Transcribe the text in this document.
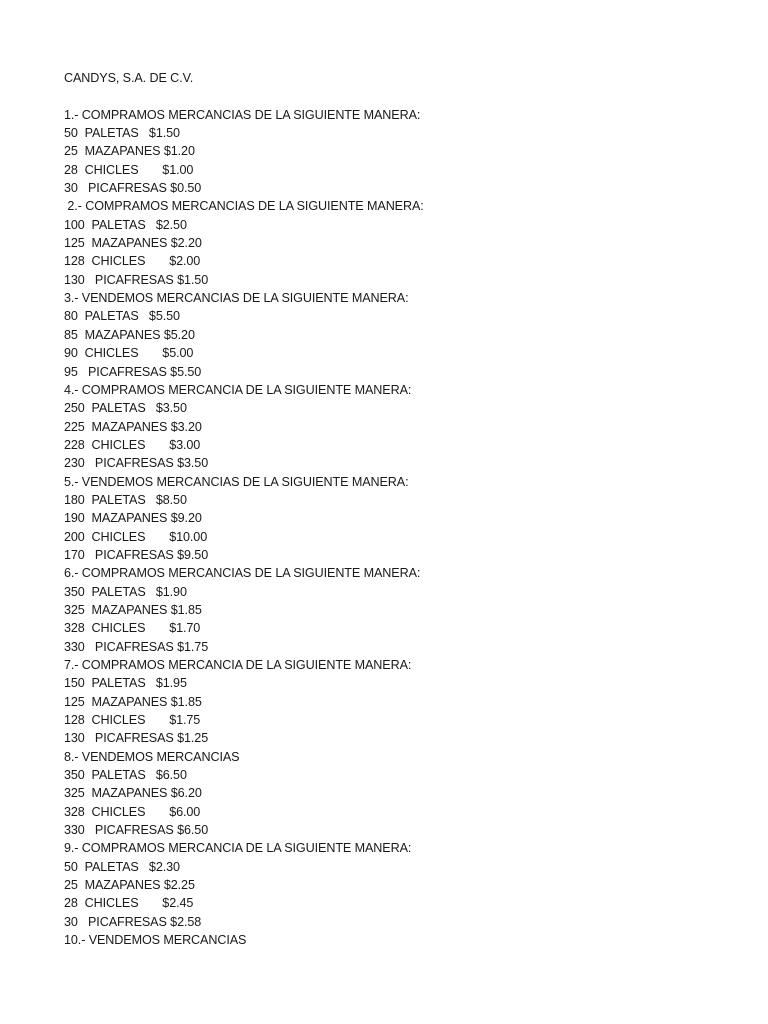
CANDYS, S.A. DE C.V.
1.- COMPRAMOS MERCANCIAS DE LA SIGUIENTE MANERA:
50  PALETAS   $1.50
25  MAZAPANES $1.20
28  CHICLES       $1.00
30   PICAFRESAS $0.50
2.- COMPRAMOS MERCANCIAS DE LA SIGUIENTE MANERA:
100  PALETAS   $2.50
125  MAZAPANES $2.20
128  CHICLES       $2.00
130   PICAFRESAS $1.50
3.- VENDEMOS MERCANCIAS DE LA SIGUIENTE MANERA:
80  PALETAS   $5.50
85  MAZAPANES $5.20
90  CHICLES       $5.00
95   PICAFRESAS $5.50
4.- COMPRAMOS MERCANCIA DE LA SIGUIENTE MANERA:
250  PALETAS   $3.50
225  MAZAPANES $3.20
228  CHICLES       $3.00
230   PICAFRESAS $3.50
5.- VENDEMOS MERCANCIAS DE LA SIGUIENTE MANERA:
180  PALETAS   $8.50
190  MAZAPANES $9.20
200  CHICLES       $10.00
170   PICAFRESAS $9.50
6.- COMPRAMOS MERCANCIAS DE LA SIGUIENTE MANERA:
350  PALETAS   $1.90
325  MAZAPANES $1.85
328  CHICLES       $1.70
330   PICAFRESAS $1.75
7.- COMPRAMOS MERCANCIA DE LA SIGUIENTE MANERA:
150  PALETAS   $1.95
125  MAZAPANES $1.85
128  CHICLES       $1.75
130   PICAFRESAS $1.25
8.- VENDEMOS MERCANCIAS
350  PALETAS   $6.50
325  MAZAPANES $6.20
328  CHICLES       $6.00
330   PICAFRESAS $6.50
9.- COMPRAMOS MERCANCIA DE LA SIGUIENTE MANERA:
50  PALETAS   $2.30
25  MAZAPANES $2.25
28  CHICLES       $2.45
30   PICAFRESAS $2.58
10.- VENDEMOS MERCANCIAS
